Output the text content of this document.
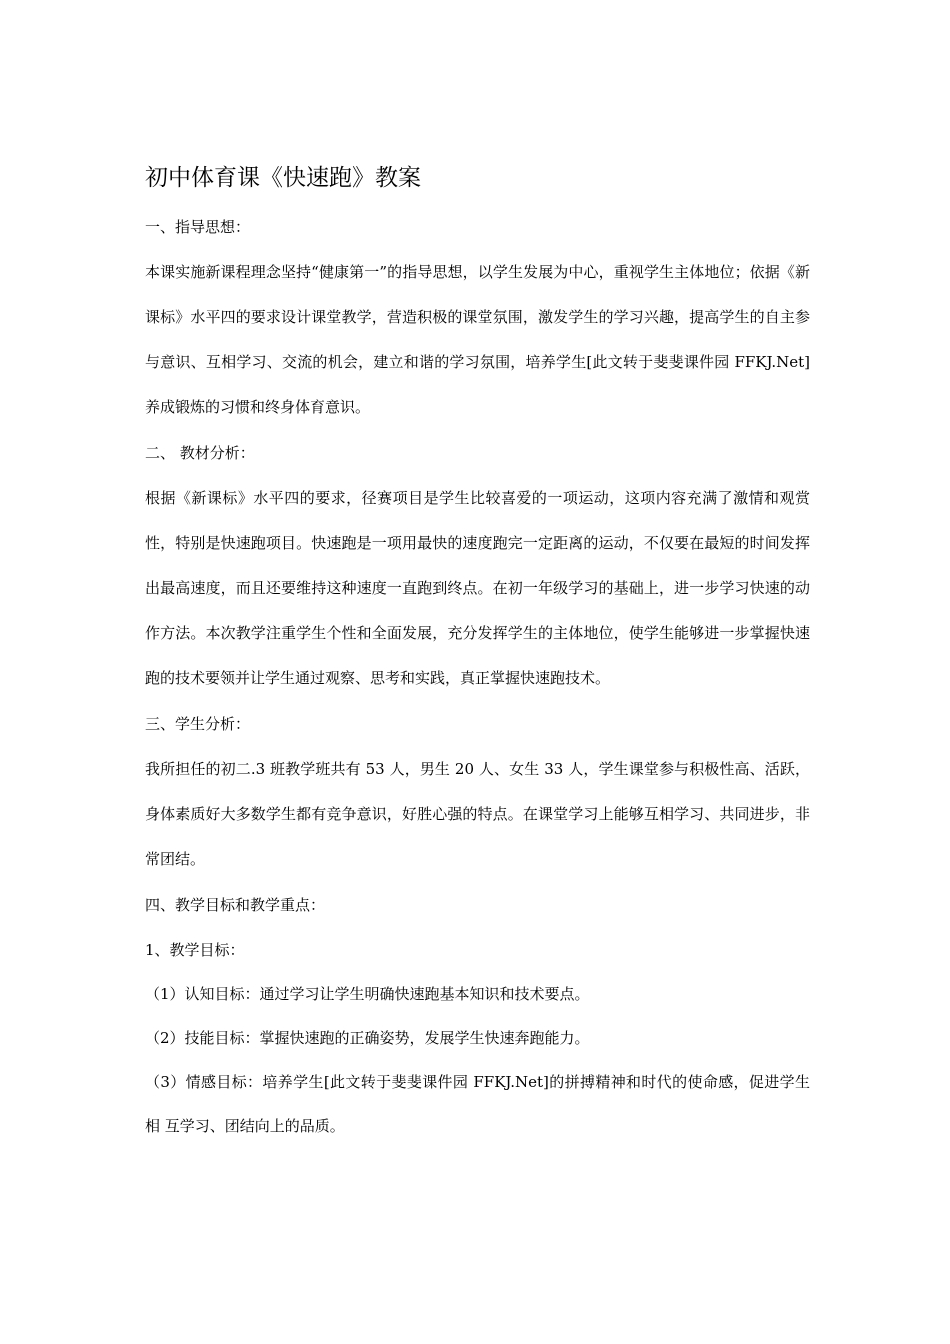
初中体育课《快速跑》教案

一、指导思想：

本课实施新课程理念坚持“健康第一”的指导思想，以学生发展为中心，重视学生主体地位；依据《新课标》水平四的要求设计课堂教学，营造积极的课堂氛围，激发学生的学习兴趣，提高学生的自主参与意识、互相学习、交流的机会，建立和谐的学习氛围，培养学生[此文转于斐斐课件园 FFKJ.Net]养成锻炼的习惯和终身体育意识。

二、 教材分析：

根据《新课标》水平四的要求，径赛项目是学生比较喜爱的一项运动，这项内容充满了激情和观赏性，特别是快速跑项目。快速跑是一项用最快的速度跑完一定距离的运动，不仅要在最短的时间发挥出最高速度，而且还要维持这种速度一直跑到终点。在初一年级学习的基础上，进一步学习快速的动作方法。本次教学注重学生个性和全面发展，充分发挥学生的主体地位，使学生能够进一步掌握快速跑的技术要领并让学生通过观察、思考和实践，真正掌握快速跑技术。

三、学生分析：

我所担任的初二.3 班教学班共有 53 人，男生 20 人、女生 33 人，学生课堂参与积极性高、活跃，身体素质好大多数学生都有竞争意识，好胜心强的特点。在课堂学习上能够互相学习、共同进步，非常团结。

四、教学目标和教学重点：

1、教学目标：

（1）认知目标：通过学习让学生明确快速跑基本知识和技术要点。

（2）技能目标：掌握快速跑的正确姿势，发展学生快速奔跑能力。

（3）情感目标：培养学生[此文转于斐斐课件园 FFKJ.Net]的拼搏精神和时代的使命感，促进学生相 互学习、团结向上的品质。
